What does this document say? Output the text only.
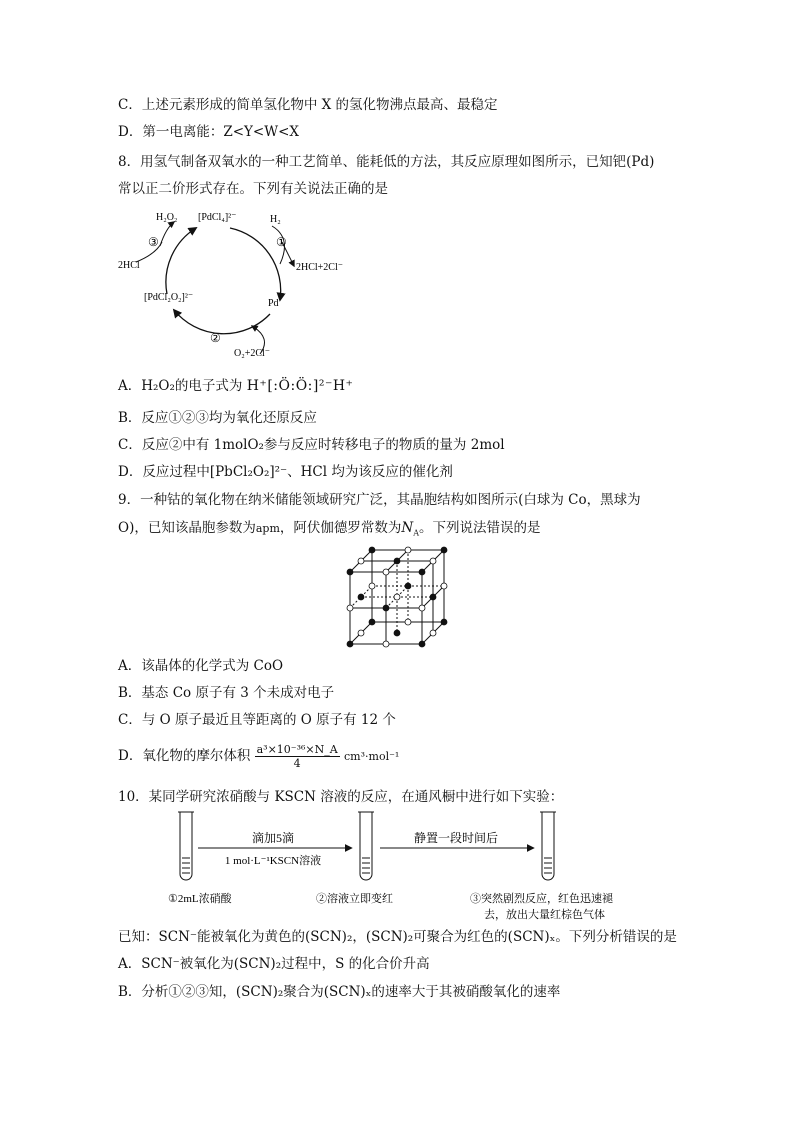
C．上述元素形成的简单氢化物中 X 的氢化物沸点最高、最稳定
D．第一电离能：Z<Y<W<X
8．用氢气制备双氧水的一种工艺简单、能耗低的方法，其反应原理如图所示，已知钯(Pd)
常以正二价形式存在。下列有关说法正确的是
H₂O₂ [PdCl₄]²⁻	H₂
①
2HCl+2Cl⁻
Pd
②
O₂+2Cl⁻
[PdCl₂O₂]²⁻
③
2HCl
A．H₂O₂的电子式为 H⁺[:Ö:Ö:]²⁻H⁺
B．反应①②③均为氧化还原反应
C．反应②中有 1molO₂参与反应时转移电子的物质的量为 2mol
D．反应过程中[PbCl₂O₂]²⁻、HCl 均为该反应的催化剂
9．一种钴的氧化物在纳米储能领域研究广泛，其晶胞结构如图所示(白球为 Co，黑球为
O)，已知该晶胞参数为apm，阿伏伽德罗常数为$N_A$。下列说法错误的是
A．该晶体的化学式为 CoO
B．基态 Co 原子有 3 个未成对电子
C．与 O 原子最近且等距离的 O 原子有 12 个
D．氧化物的摩尔体积 $\frac{\text{a³×10⁻³⁶×N\_A}}{4} cm^3\cdot mol^{-1}$
10．某同学研究浓硝酸与 KSCN 溶液的反应，在通风橱中进行如下实验：
滴加5滴
1 mol·L⁻¹KSCN溶液
静置一段时间后
①2mL浓硝酸	②溶液立即变红	③突然剧烈反应，红色迅速褪
去，放出大量红棕色气体
已知：SCN⁻能被氧化为黄色的(SCN)₂，(SCN)₂可聚合为红色的(SCN)ₓ。下列分析错误的是
A．SCN⁻被氧化为(SCN)₂过程中，S 的化合价升高
B．分析①②③知，(SCN)₂聚合为(SCN)ₓ的速率大于其被硝酸氧化的速率
